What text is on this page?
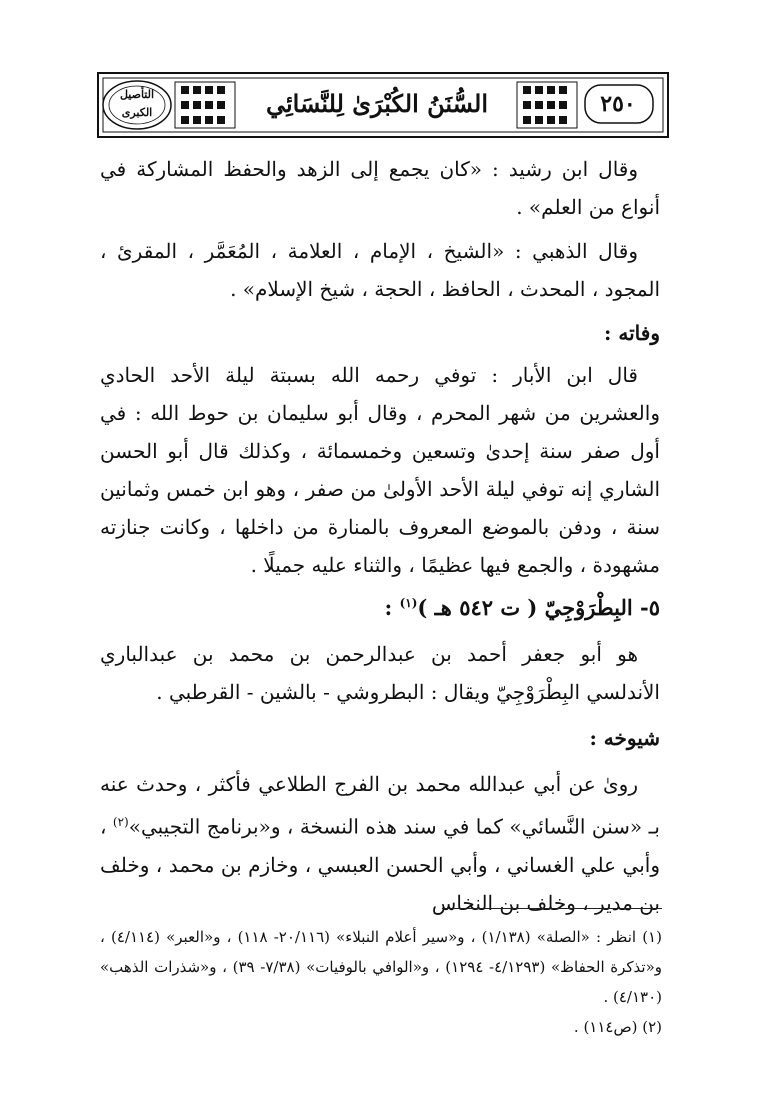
التأصيل الكبرى	السُّنَنُ الكُبْرَىٰ لِلنَّسَائِي	٢٥٠

وقال ابن رشيد : «كان يجمع إلى الزهد والحفظ المشاركة في أنواع من العلم» .

وقال الذهبي : «الشيخ ، الإمام ، العلامة ، المُعَمَّر ، المقرئ ، المجود ، المحدث ، الحافظ ، الحجة ، شيخ الإسلام» .

وفاته :

قال ابن الأبار : توفي رحمه الله بسبتة ليلة الأحد الحادي والعشرين من شهر المحرم ، وقال أبو سليمان بن حوط الله : في أول صفر سنة إحدىٰ وتسعين وخمسمائة ، وكذلك قال أبو الحسن الشاري إنه توفي ليلة الأحد الأولىٰ من صفر ، وهو ابن خمس وثمانين سنة ، ودفن بالموضع المعروف بالمنارة من داخلها ، وكانت جنازته مشهودة ، والجمع فيها عظيمًا ، والثناء عليه جميلًا .

٥- البِطْرَوْجِيّ ( ت ٥٤٢ هـ )$^{(١)}$ :

هو أبو جعفر أحمد بن عبدالرحمن بن محمد بن عبدالباري الأندلسي البِطْرَوْجِيّ ويقال : البطروشي - بالشين - القرطبي .

شيوخه :

روىٰ عن أبي عبدالله محمد بن الفرج الطلاعي فأكثر ، وحدث عنه بـ «سنن النَّسائي» كما في سند هذه النسخة ، و«برنامج التجيبي»$^{(٢)}$ ، وأبي علي الغساني ، وأبي الحسن العبسي ، وخازم بن محمد ، وخلف بن مدير ، وخلف بن النخاس

(١) انظر : «الصلة» (١/١٣٨) ، و«سير أعلام النبلاء» (٢٠/١١٦- ١١٨) ، و«العبر» (٤/١١٤) ، و«تذكرة الحفاظ» (٤/١٢٩٣- ١٢٩٤) ، و«الوافي بالوفيات» (٧/٣٨- ٣٩) ، و«شذرات الذهب» (٤/١٣٠) .

(٢) (ص١١٤) .
